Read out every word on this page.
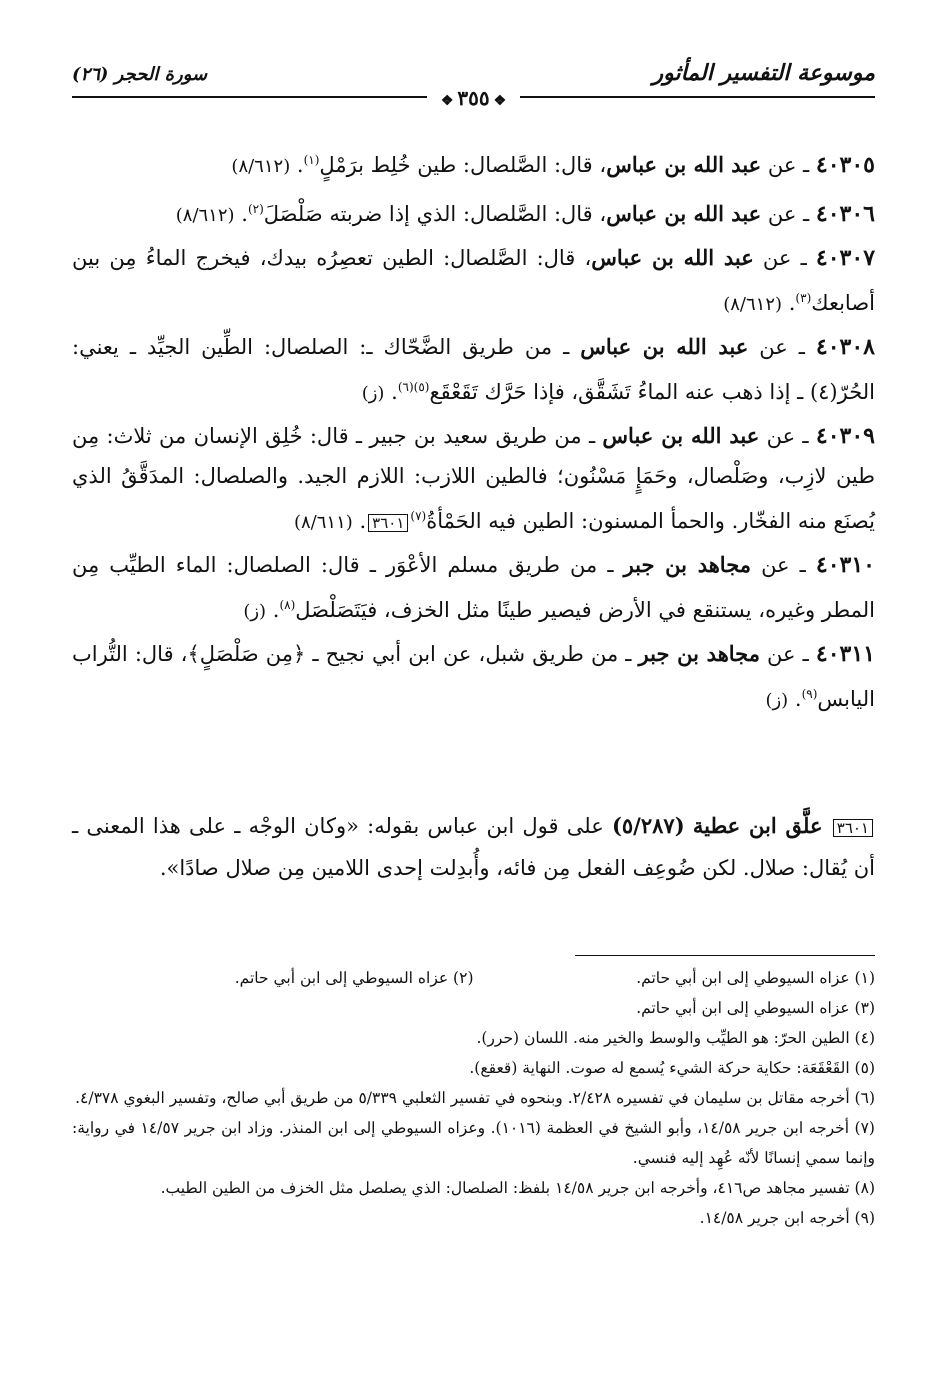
موسوعة التفسير المأثور
سورة الحجر (٢٦)
❖٣٥٥❖
٤٠٣٠٥ ـ عن عبد الله بن عباس، قال: الصَّلصال: طين خُلِط برَمْلٍ$^{(١)}$. (٨/٦١٢)
٤٠٣٠٦ ـ عن عبد الله بن عباس، قال: الصَّلصال: الذي إذا ضربته صَلْصَلَ$^{(٢)}$. (٨/٦١٢)
٤٠٣٠٧ ـ عن عبد الله بن عباس، قال: الصَّلصال: الطين تعصِرُه بيدك، فيخرج الماءُ مِن بين أصابعك$^{(٣)}$. (٨/٦١٢)
٤٠٣٠٨ ـ عن عبد الله بن عباس ـ من طريق الضَّحّاك ـ: الصلصال: الطِّين الجيِّد ـ يعني: الحُرّ(٤) ـ إذا ذهب عنه الماءُ تَشَقَّق، فإذا حَرَّك تَقَعْقَع$^{(٥)(٦)}$. (ز)
٤٠٣٠٩ ـ عن عبد الله بن عباس ـ من طريق سعيد بن جبير ـ قال: خُلِق الإنسان من ثلاث: مِن طين لازِب، وصَلْصال، وحَمَإٍ مَسْنُون؛ فالطين اللازب: اللازم الجيد. والصلصال: المدَقَّقُ الذي يُصنَع منه الفخّار. والحمأ المسنون: الطين فيه الحَمْأةُ$^{(٧)}$٣٦٠١. (٨/٦١١)
٤٠٣١٠ ـ عن مجاهد بن جبر ـ من طريق مسلم الأعْوَر ـ قال: الصلصال: الماء الطيِّب مِن المطر وغيره، يستنقع في الأرض فيصير طينًا مثل الخزف، فيَتَصَلْصَل$^{(٨)}$. (ز)
٤٠٣١١ ـ عن مجاهد بن جبر ـ من طريق شبل، عن ابن أبي نجيح ـ ﴿مِن صَلْصَلٍ﴾، قال: التُّراب اليابس$^{(٩)}$. (ز)
٣٦٠١ علَّق ابن عطية (٥/٢٨٧) على قول ابن عباس بقوله: «وكان الوجْه ـ على هذا المعنى ـ أن يُقال: صلال. لكن ضُوعِف الفعل مِن فائه، وأُبدِلت إحدى اللامين مِن صلال صادًا».
(١) عزاه السيوطي إلى ابن أبي حاتم.
(٢) عزاه السيوطي إلى ابن أبي حاتم.
(٣) عزاه السيوطي إلى ابن أبي حاتم.
(٤) الطين الحرّ: هو الطيِّب والوسط والخير منه. اللسان (حرر).
(٥) القَعْقَعَة: حكاية حركة الشيء يُسمع له صوت. النهاية (قعقع).
(٦) أخرجه مقاتل بن سليمان في تفسيره ٢/٤٢٨. وبنحوه في تفسير الثعلبي ٥/٣٣٩ من طريق أبي صالح، وتفسير البغوي ٤/٣٧٨.
(٧) أخرجه ابن جرير ١٤/٥٨، وأبو الشيخ في العظمة (١٠١٦). وعزاه السيوطي إلى ابن المنذر. وزاد ابن جرير ١٤/٥٧ في رواية: وإنما سمي إنسانًا لأنّه عُهِد إليه فنسي.
(٨) تفسير مجاهد ص٤١٦، وأخرجه ابن جرير ١٤/٥٨ بلفظ: الصلصال: الذي يصلصل مثل الخزف من الطين الطيب.
(٩) أخرجه ابن جرير ١٤/٥٨.
